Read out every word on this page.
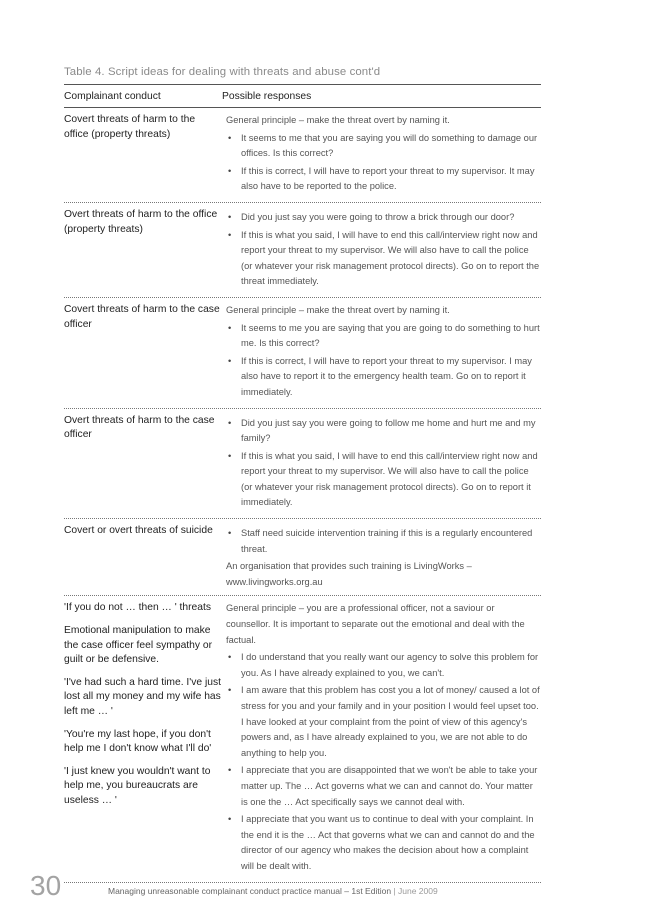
Table 4. Script ideas for dealing with threats and abuse cont'd
Complainant conduct	Possible responses

Covert threats of harm to the office (property threats)

General principle – make the threat overt by naming it.

• It seems to me that you are saying you will do something to damage our offices. Is this correct?
• If this is correct, I will have to report your threat to my supervisor. It may also have to be reported to the police.

Overt threats of harm to the office (property threats)

• Did you just say you were going to throw a brick through our door?
• If this is what you said, I will have to end this call/interview right now and report your threat to my supervisor. We will also have to call the police (or whatever your risk management protocol directs). Go on to report the threat immediately.

Covert threats of harm to the case officer

General principle – make the threat overt by naming it.

• It seems to me you are saying that you are going to do something to hurt me. Is this correct?
• If this is correct, I will have to report your threat to my supervisor. I may also have to report it to the emergency health team. Go on to report it immediately.

Overt threats of harm to the case officer

• Did you just say you were going to follow me home and hurt me and my family?
• If this is what you said, I will have to end this call/interview right now and report your threat to my supervisor. We will also have to call the police (or whatever your risk management protocol directs). Go on to report it immediately.

Covert or overt threats of suicide

•	Staff need suicide intervention training if this is a regularly encountered threat.

An organisation that provides such training is LivingWorks – www.livingworks.org.au

'If you do not … then … ' threats

Emotional manipulation to make the case officer feel sympathy or guilt or be defensive.

'I've had such a hard time. I've just lost all my money and my wife has left me … '

'You're my last hope, if you don't help me I don't know what I'll do'

'I just knew you wouldn't want to help me, you bureaucrats are useless … '

General principle – you are a professional officer, not a saviour or counsellor. It is important to separate out the emotional and deal with the factual.

• I do understand that you really want our agency to solve this problem for you. As I have already explained to you, we can't.
• I am aware that this problem has cost you a lot of money/ caused a lot of stress for you and your family and in your position I would feel upset too. I have looked at your complaint from the point of view of this agency's powers and, as I have already explained to you, we are not able to do anything to help you.
• I appreciate that you are disappointed that we won't be able to take your matter up. The … Act governs what we can and cannot do. Your matter is one the … Act specifically says we cannot deal with.
• I appreciate that you want us to continue to deal with your complaint. In the end it is the … Act that governs what we can and cannot do and the director of our agency who makes the decision about how a complaint will be dealt with.
30	Managing unreasonable complainant conduct practice manual – 1st Edition | June 2009
